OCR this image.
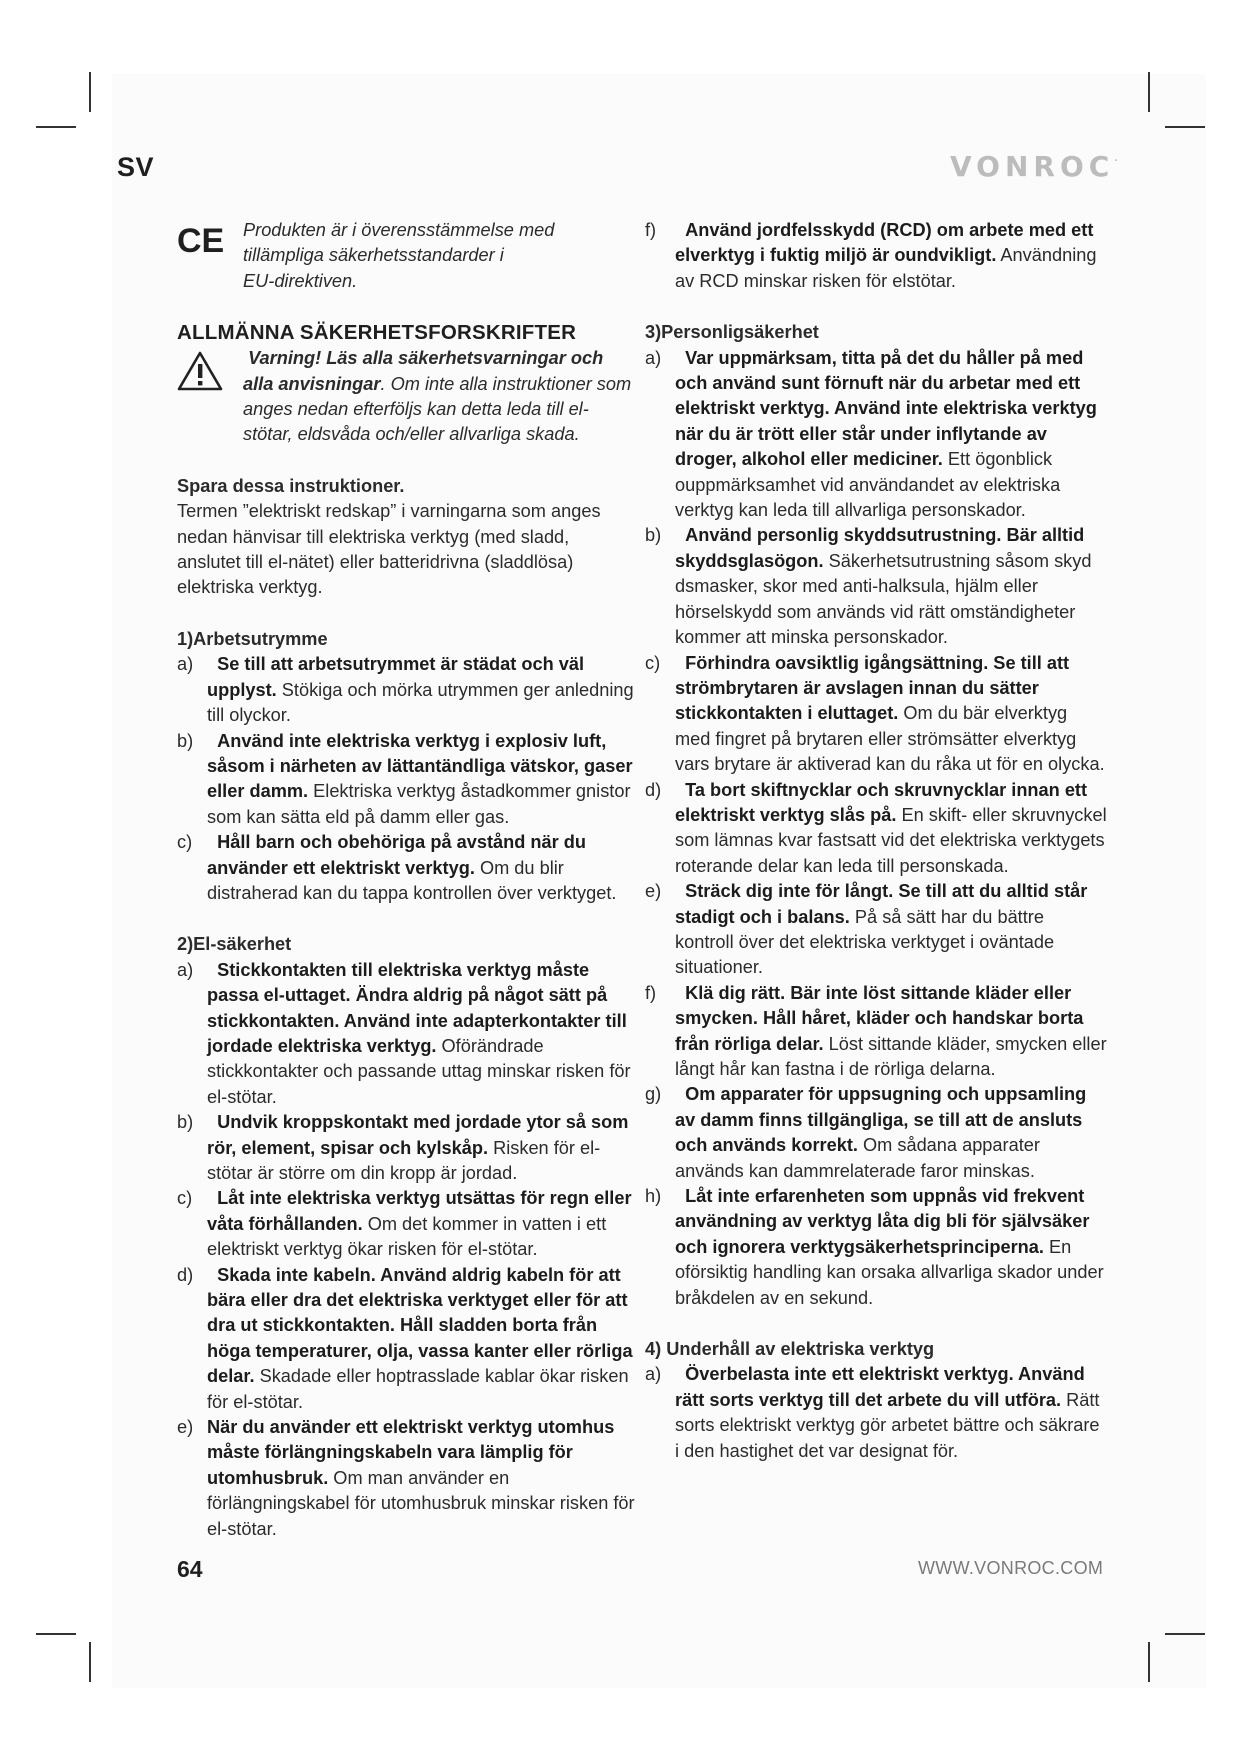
SV	VONROC.
CE Produkten är i överensstämmelse med
tillämpliga säkerhetsstandarder i
EU-direktiven.

ALLMÄNNA SÄKERHETSFORSKRIFTER

Varning! Läs alla säkerhetsvarningar och alla anvisningar. Om inte alla instruktioner som anges nedan efterföljs kan detta leda till el-stötar, eldsvåda och/eller allvarliga skada.

Spara dessa instruktioner.

Termen ”elektriskt redskap” i varningarna som anges nedan hänvisar till elektriska verktyg (med sladd, anslutet till el-nätet) eller batteridrivna (sladdlösa) elektriska verktyg.

1)Arbetsutrymme

a) Se till att arbetsutrymmet är städat och väl upplyst. Stökiga och mörka utrymmen ger anledning till olyckor.
b) Använd inte elektriska verktyg i explosiv luft, såsom i närheten av lättantändliga vätskor, gaser eller damm. Elektriska verktyg åstadkommer gnistor som kan sätta eld på damm eller gas.
c) Håll barn och obehöriga på avstånd när du använder ett elektriskt verktyg. Om du blir distraherad kan du tappa kontrollen över verktyget.

2)El-säkerhet

a) Stickkontakten till elektriska verktyg måste passa el-uttaget. Ändra aldrig på något sätt på stickkontakten. Använd inte adapterkontakter till jordade elektriska verktyg. Oförändrade stickkontakter och passande uttag minskar risken för el-stötar.
b) Undvik kroppskontakt med jordade ytor så som rör, element, spisar och kylskåp. Risken för el-stötar är större om din kropp är jordad.
c) Låt inte elektriska verktyg utsättas för regn eller våta förhållanden. Om det kommer in vatten i ett elektriskt verktyg ökar risken för el-stötar.
d) Skada inte kabeln. Använd aldrig kabeln för att bära eller dra det elektriska verktyget eller för att dra ut stickkontakten. Håll sladden borta från höga temperaturer, olja, vassa kanter eller rörliga delar. Skadade eller hoptrasslade kablar ökar risken för el-stötar.
e) När du använder ett elektriskt verktyg utomhus måste förlängningskabeln vara lämplig för utomhusbruk. Om man använder en förlängningskabel för utomhusbruk minskar risken för el-stötar.
f) Använd jordfelsskydd (RCD) om arbete med ett elverktyg i fuktig miljö är oundvikligt. Användning av RCD minskar risken för elstötar.

3)Personligsäkerhet

a) Var uppmärksam, titta på det du håller på med och använd sunt förnuft när du arbetar med ett elektriskt verktyg. Använd inte elektriska verktyg när du är trött eller står under inflytande av droger, alkohol eller mediciner. Ett ögonblick ouppmärksamhet vid användandet av elektriska verktyg kan leda till allvarliga personskador.
b) Använd personlig skyddsutrustning. Bär alltid skyddsglasögon. Säkerhetsutrustning såsom skyd dsmasker, skor med anti-halksula, hjälm eller hörselskydd som används vid rätt omständigheter kommer att minska personskador.
c) Förhindra oavsiktlig igångsättning. Se till att strömbrytaren är avslagen innan du sätter stickkontakten i eluttaget. Om du bär elverktyg med fingret på brytaren eller strömsätter elverktyg vars brytare är aktiverad kan du råka ut för en olycka.
d) Ta bort skiftnycklar och skruvnycklar innan ett elektriskt verktyg slås på. En skift- eller skruvnyckel som lämnas kvar fastsatt vid det elektriska verktygets roterande delar kan leda till personskada.
e) Sträck dig inte för långt. Se till att du alltid står stadigt och i balans. På så sätt har du bättre kontroll över det elektriska verktyget i oväntade situationer.
f) Klä dig rätt. Bär inte löst sittande kläder eller smycken. Håll håret, kläder och handskar borta från rörliga delar. Löst sittande kläder, smycken eller långt hår kan fastna i de rörliga delarna.
g) Om apparater för uppsugning och uppsamling av damm finns tillgängliga, se till att de ansluts och används korrekt. Om sådana apparater används kan dammrelaterade faror minskas.
h) Låt inte erfarenheten som uppnås vid frekvent användning av verktyg låta dig bli för självsäker och ignorera verktygsäkerhetsprinciperna. En oförsiktig handling kan orsaka allvarliga skador under bråkdelen av en sekund.

4) Underhåll av elektriska verktyg

a) Överbelasta inte ett elektriskt verktyg. Använd rätt sorts verktyg till det arbete du vill utföra. Rätt sorts elektriskt verktyg gör arbetet bättre och säkrare i den hastighet det var designat för.
64	WWW.VONROC.COM
